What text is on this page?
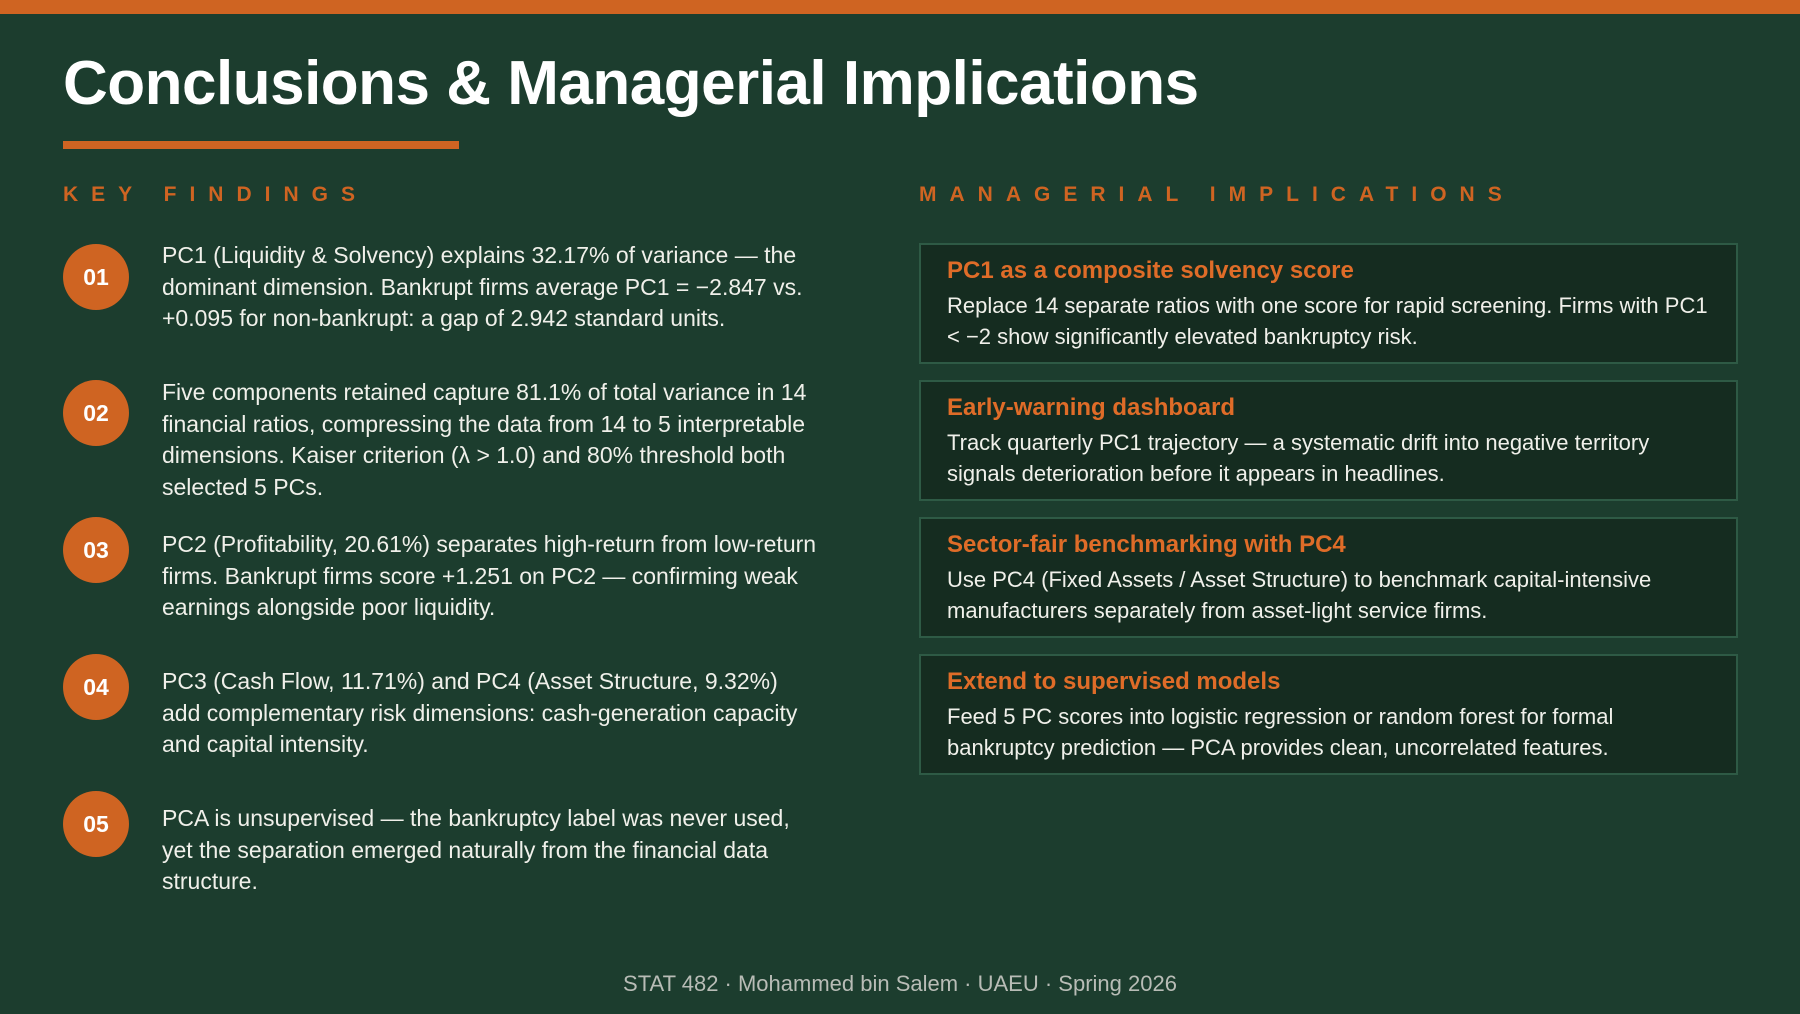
Conclusions & Managerial Implications
KEY FINDINGS	MANAGERIAL IMPLICATIONS
01

PC1 (Liquidity & Solvency) explains 32.17% of variance — the dominant dimension. Bankrupt firms average PC1 = −2.847 vs. +0.095 for non-bankrupt: a gap of 2.942 standard units.

02

Five components retained capture 81.1% of total variance in 14 financial ratios, compressing the data from 14 to 5 interpretable dimensions. Kaiser criterion (λ > 1.0) and 80% threshold both selected 5 PCs.

03	PC2 (Profitability, 20.61%) separates high-return from low-return firms. Bankrupt firms score +1.251 on PC2 — confirming weak earnings alongside poor liquidity.

04	PC3 (Cash Flow, 11.71%) and PC4 (Asset Structure, 9.32%) add complementary risk dimensions: cash-generation capacity and capital intensity.

05	PCA is unsupervised — the bankruptcy label was never used, yet the separation emerged naturally from the financial data structure.

PC1 as a composite solvency score

Replace 14 separate ratios with one score for rapid screening. Firms with PC1 < −2 show significantly elevated bankruptcy risk.

Early-warning dashboard

Track quarterly PC1 trajectory — a systematic drift into negative territory signals deterioration before it appears in headlines.

Sector-fair benchmarking with PC4

Use PC4 (Fixed Assets / Asset Structure) to benchmark capital-intensive manufacturers separately from asset-light service firms.

Extend to supervised models

Feed 5 PC scores into logistic regression or random forest for formal bankruptcy prediction — PCA provides clean, uncorrelated features.

STAT 482 · Mohammed bin Salem · UAEU · Spring 2026
